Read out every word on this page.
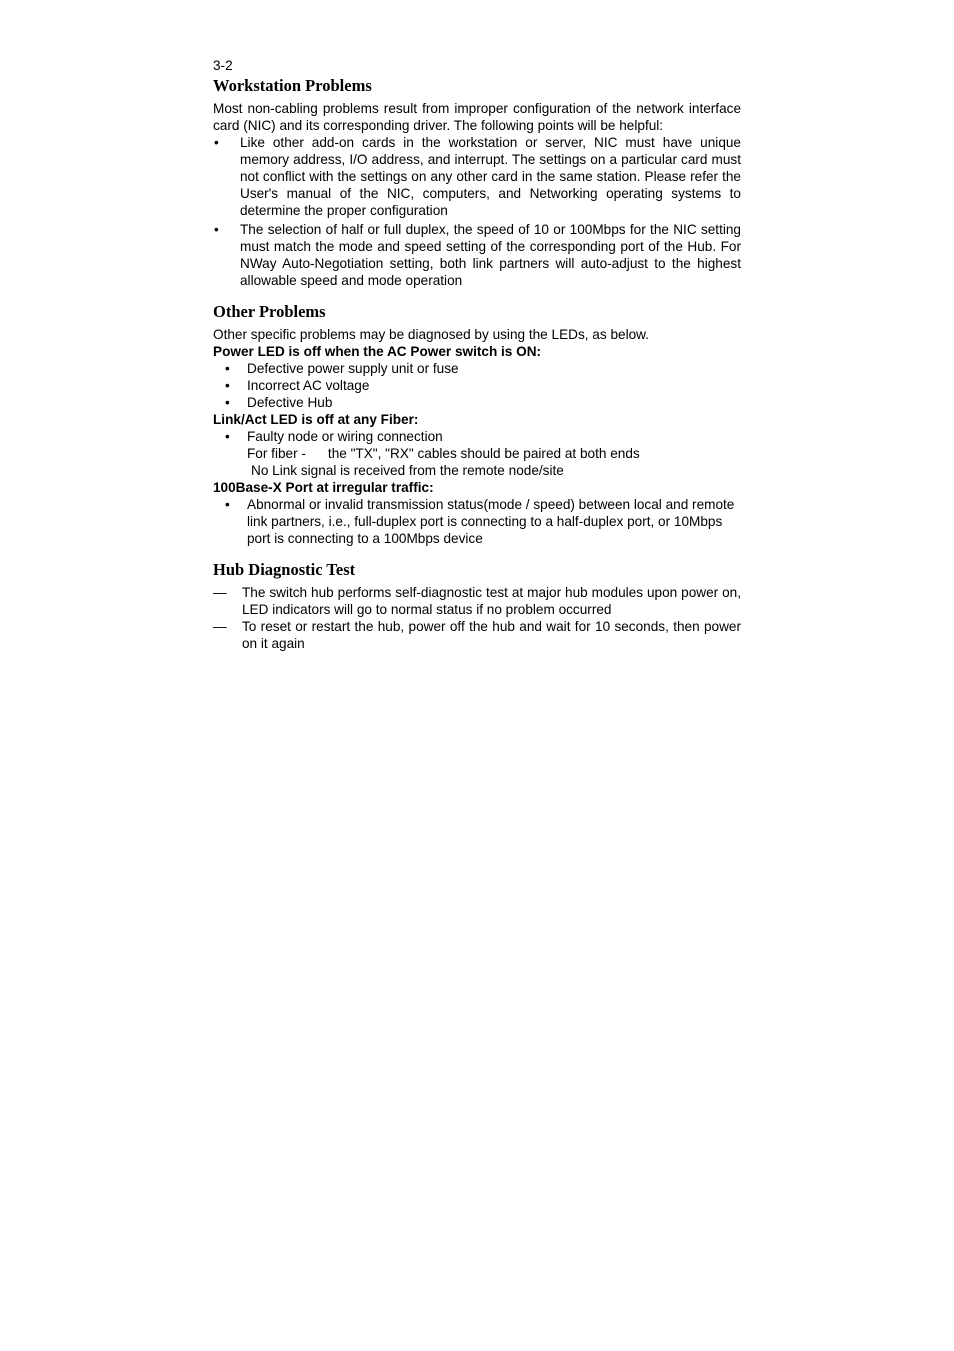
3-2

Workstation Problems

Most non-cabling problems result from improper configuration of the network interface card (NIC) and its corresponding driver. The following points will be helpful:

• Like other add-on cards in the workstation or server, NIC must have unique memory address, I/O address, and interrupt. The settings on a particular card must not conflict with the settings on any other card in the same station. Please refer the User's manual of the NIC, computers, and Networking operating systems to determine the proper configuration
• The selection of half or full duplex, the speed of 10 or 100Mbps for the NIC setting must match the mode and speed setting of the corresponding port of the Hub. For NWay Auto-Negotiation setting, both link partners will auto-adjust to the highest allowable speed and mode operation
Other Problems

Other specific problems may be diagnosed by using the LEDs, as below.

Power LED is off when the AC Power switch is ON:

• Defective power supply unit or fuse
• Incorrect AC voltage
• Defective Hub

Link/Act LED is off at any Fiber:

• Faulty node or wiring connection

For fiber - the "TX", "RX" cables should be paired at both ends

No Link signal is received from the remote node/site

100Base-X Port at irregular traffic:

• Abnormal or invalid transmission status(mode / speed) between local and remote link partners, i.e., full-duplex port is connecting to a half-duplex port, or 10Mbps port is connecting to a 100Mbps device
Hub Diagnostic Test
— The switch hub performs self-diagnostic test at major hub modules upon power on, LED indicators will go to normal status if no problem occurred
— To reset or restart the hub, power off the hub and wait for 10 seconds, then power on it again
